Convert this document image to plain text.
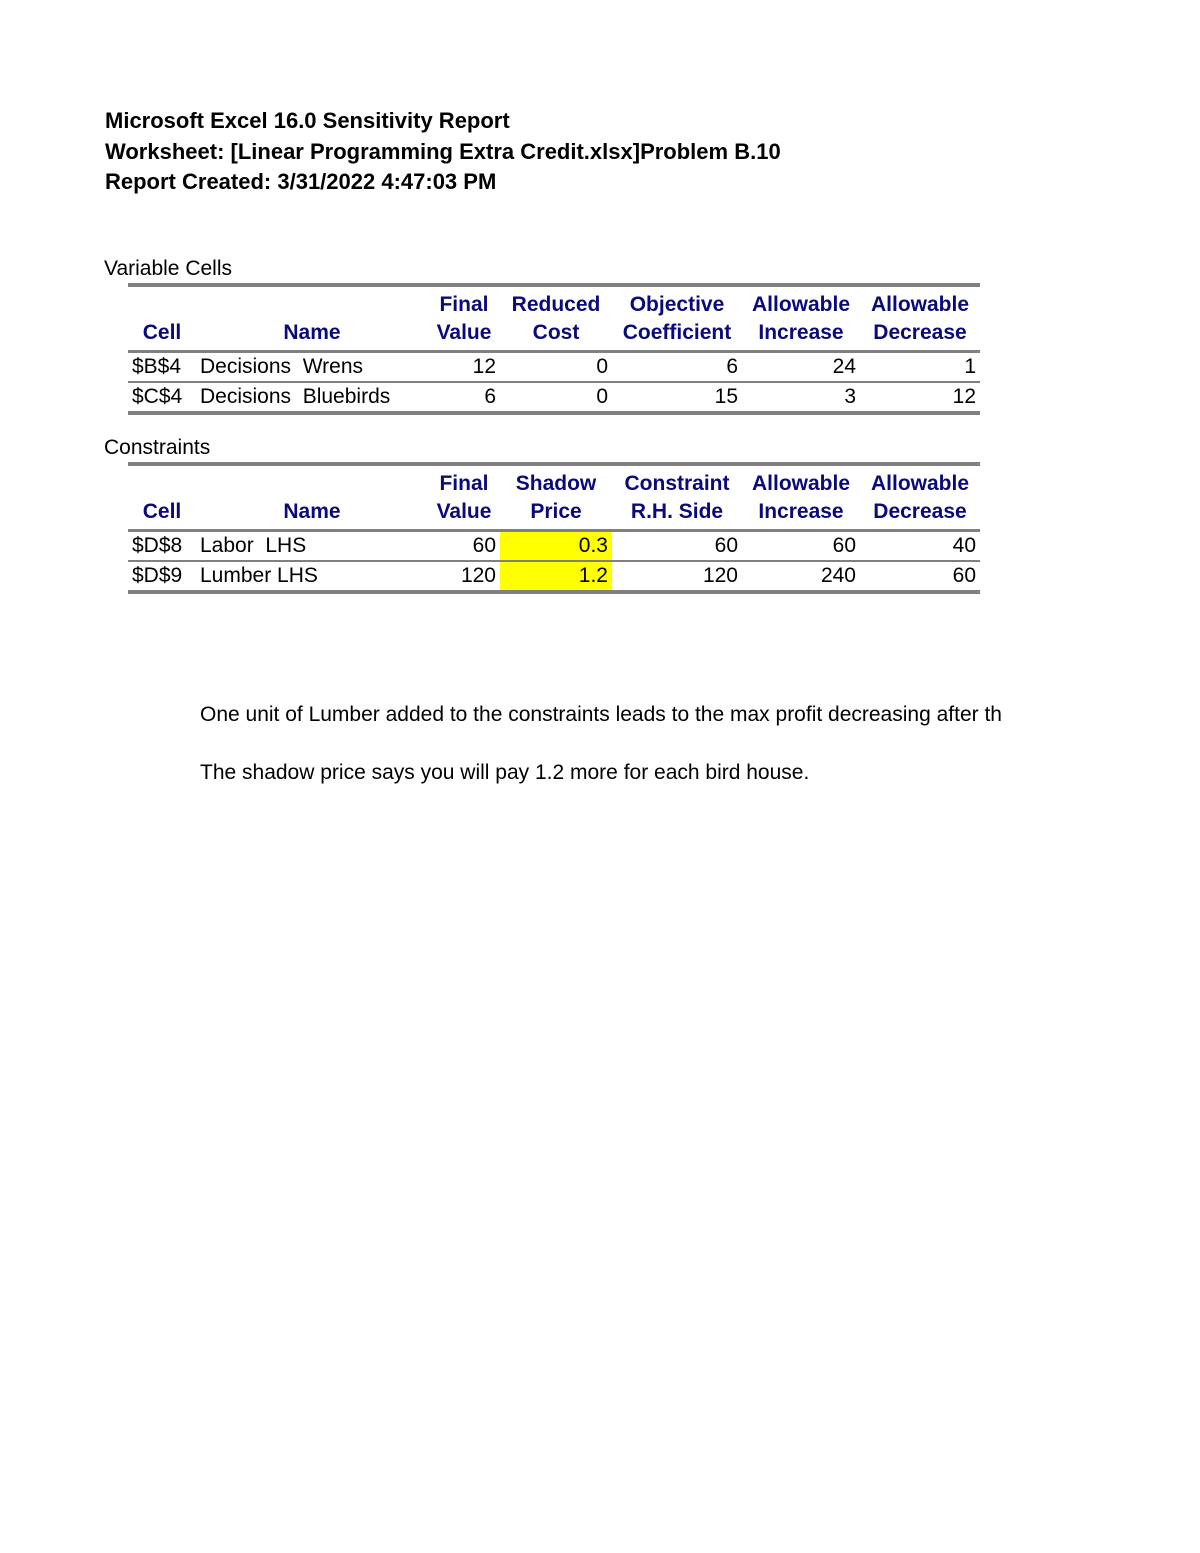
Microsoft Excel 16.0 Sensitivity Report
Worksheet: [Linear Programming Extra Credit.xlsx]Problem B.10
Report Created: 3/31/2022 4:47:03 PM
Variable Cells
		Final	Reduced	Objective	Allowable	Allowable
Cell	Name	Value	Cost	Coefficient	Increase	Decrease
$B$4	Decisions  Wrens	12	0	6	24	1
$C$4	Decisions  Bluebirds	6	0	15	3	12
Constraints
		Final	Shadow	Constraint	Allowable	Allowable
Cell	Name	Value	Price	R.H. Side	Increase	Decrease
$D$8	Labor  LHS	60	0.3	60	60	40
$D$9	Lumber LHS	120	1.2	120	240	60
One unit of Lumber added to the constraints leads to the max profit decreasing after th
The shadow price says you will pay 1.2 more for each bird house.
